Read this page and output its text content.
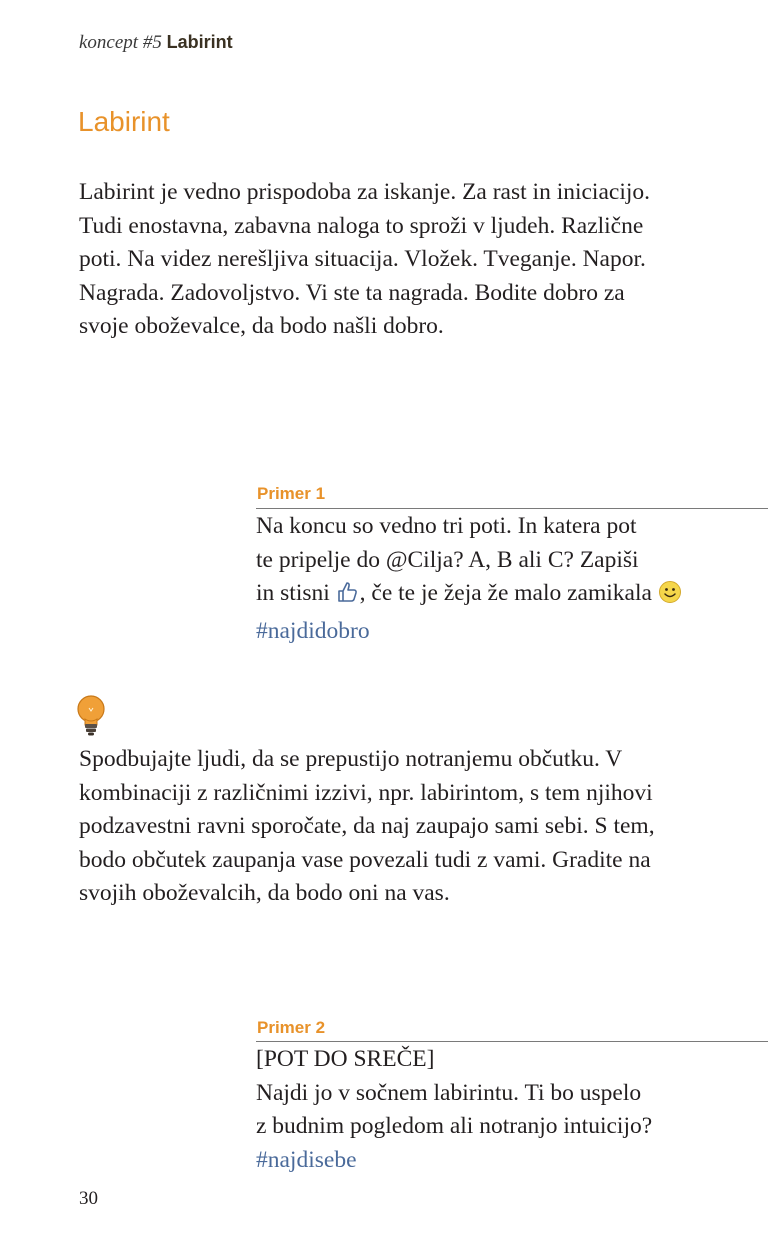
koncept #5 Labirint
Labirint
Labirint je vedno prispodoba za iskanje. Za rast in iniciacijo.
Tudi enostavna, zabavna naloga to sproži v ljudeh. Različne
poti. Na videz nerešljiva situacija. Vložek. Tveganje. Napor.
Nagrada. Zadovoljstvo. Vi ste ta nagrada. Bodite dobro za
svoje oboževalce, da bodo našli dobro.
Primer 1
Na koncu so vedno tri poti. In katera pot
te pripelje do @Cilja? A, B ali C? Zapiši
in stisni , če te je žeja že malo zamikala
#najdidobro
Spodbujajte ljudi, da se prepustijo notranjemu občutku. V
kombinaciji z različnimi izzivi, npr. labirintom, s tem njihovi
podzavestni ravni sporočate, da naj zaupajo sami sebi. S tem,
bodo občutek zaupanja vase povezali tudi z vami. Gradite na
svojih oboževalcih, da bodo oni na vas.
Primer 2
[POT DO SREČE]
Najdi jo v sočnem labirintu. Ti bo uspelo
z budnim pogledom ali notranjo intuicijo?
#najdisebe
30
